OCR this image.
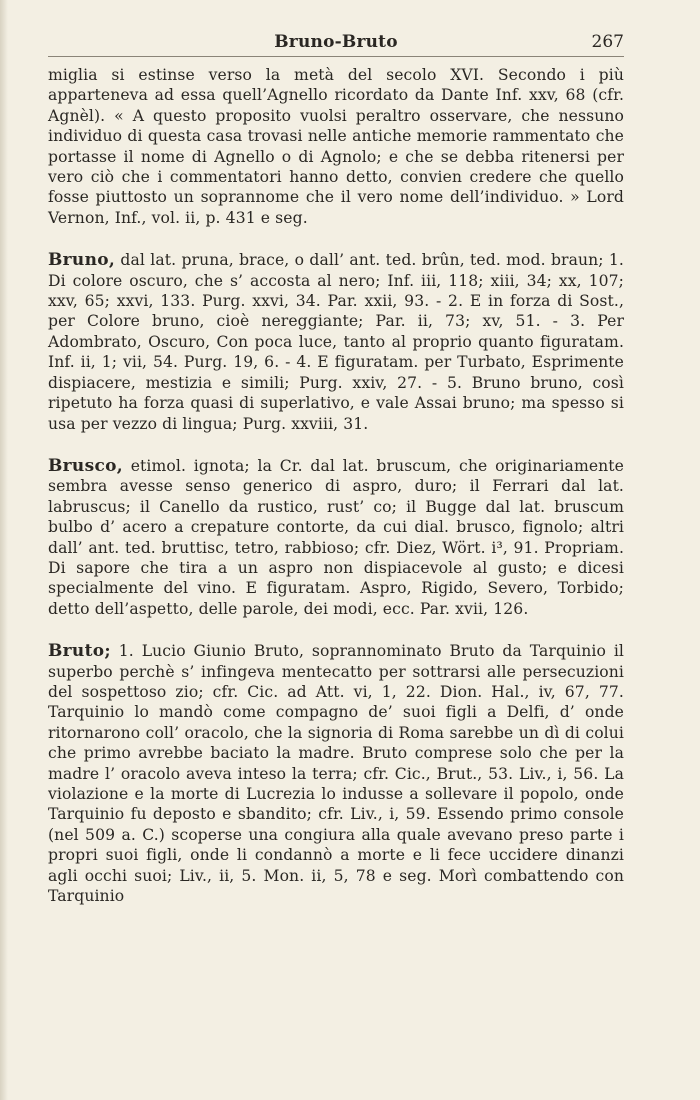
Bruno-Bruto	267

miglia si estinse verso la metà del secolo XVI. Secondo i più apparteneva ad essa quell’Agnello ricordato da Dante Inf. xxv, 68 (cfr. Agnèl). « A questo proposito vuolsi peraltro osservare, che nessuno individuo di questa casa trovasi nelle antiche memorie rammentato che portasse il nome di Agnello o di Agnolo; e che se debba ritenersi per vero ciò che i commentatori hanno detto, convien credere che quello fosse piuttosto un soprannome che il vero nome dell’individuo. » Lord Vernon, Inf., vol. ii, p. 431 e seg.

Bruno, dal lat. pruna, brace, o dall’ ant. ted. brûn, ted. mod. braun; 1. Di colore oscuro, che s’ accosta al nero; Inf. iii, 118; xiii, 34; xx, 107; xxv, 65; xxvi, 133. Purg. xxvi, 34. Par. xxii, 93. - 2. E in forza di Sost., per Colore bruno, cioè nereggiante; Par. ii, 73; xv, 51. - 3. Per Adombrato, Oscuro, Con poca luce, tanto al proprio quanto figuratam. Inf. ii, 1; vii, 54. Purg. 19, 6. - 4. E figuratam. per Turbato, Esprimente dispiacere, mestizia e simili; Purg. xxiv, 27. - 5. Bruno bruno, così ripetuto ha forza quasi di superlativo, e vale Assai bruno; ma spesso si usa per vezzo di lingua; Purg. xxviii, 31.

Brusco, etimol. ignota; la Cr. dal lat. bruscum, che originariamente sembra avesse senso generico di aspro, duro; il Ferrari dal lat. labruscus; il Canello da rustico, rust’ co; il Bugge dal lat. bruscum bulbo d’ acero a crepature contorte, da cui dial. brusco, fignolo; altri dall’ ant. ted. bruttisc, tetro, rabbioso; cfr. Diez, Wört. i³, 91. Propriam. Di sapore che tira a un aspro non dispiacevole al gusto; e dicesi specialmente del vino. E figuratam. Aspro, Rigido, Severo, Torbido; detto dell’aspetto, delle parole, dei modi, ecc. Par. xvii, 126.

Bruto; 1. Lucio Giunio Bruto, soprannominato Bruto da Tarquinio il superbo perchè s’ infingeva mentecatto per sottrarsi alle persecuzioni del sospettoso zio; cfr. Cic. ad Att. vi, 1, 22. Dion. Hal., iv, 67, 77. Tarquinio lo mandò come compagno de’ suoi figli a Delfi, d’ onde ritornarono coll’ oracolo, che la signoria di Roma sarebbe un dì di colui che primo avrebbe baciato la madre. Bruto comprese solo che per la madre l’ oracolo aveva inteso la terra; cfr. Cic., Brut., 53. Liv., i, 56. La violazione e la morte di Lucrezia lo indusse a sollevare il popolo, onde Tarquinio fu deposto e sbandito; cfr. Liv., i, 59. Essendo primo console (nel 509 a. C.) scoperse una congiura alla quale avevano preso parte i propri suoi figli, onde li condannò a morte e li fece uccidere dinanzi agli occhi suoi; Liv., ii, 5. Mon. ii, 5, 78 e seg. Morì combattendo con Tarquinio
